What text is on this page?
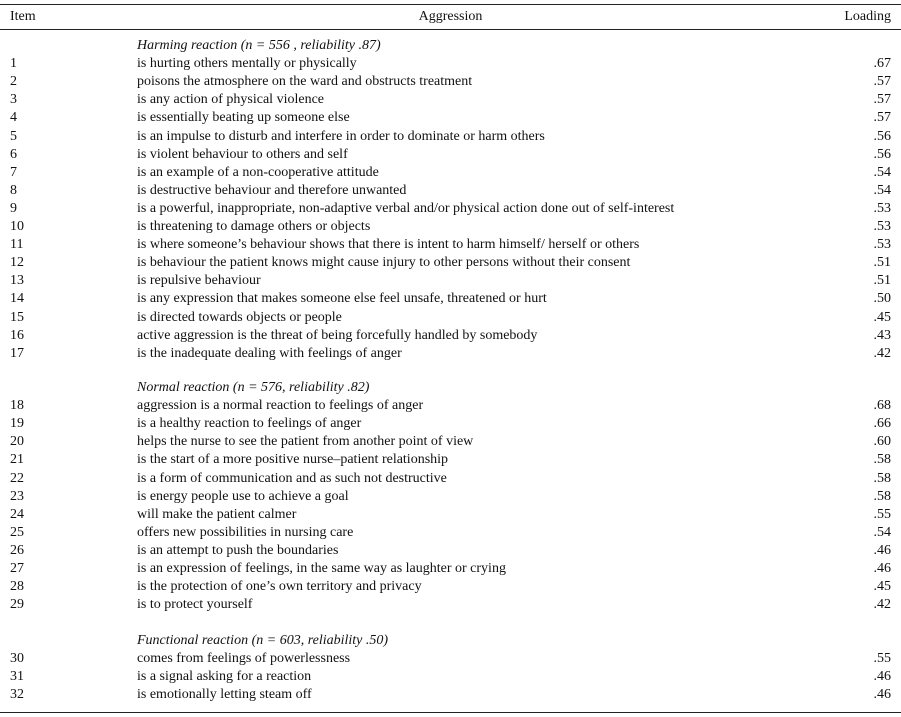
Item	Aggression	Loading
Harming reaction (n = 556 , reliability .87)
1	is hurting others mentally or physically	.67
2	poisons the atmosphere on the ward and obstructs treatment	.57
3	is any action of physical violence	.57
4	is essentially beating up someone else	.57
5	is an impulse to disturb and interfere in order to dominate or harm others	.56
6	is violent behaviour to others and self	.56
7	is an example of a non-cooperative attitude	.54
8	is destructive behaviour and therefore unwanted	.54
9	is a powerful, inappropriate, non-adaptive verbal and/or physical action done out of self-interest	.53
10	is threatening to damage others or objects	.53
11	is where someone’s behaviour shows that there is intent to harm himself/ herself or others	.53
12	is behaviour the patient knows might cause injury to other persons without their consent	.51
13	is repulsive behaviour	.51
14	is any expression that makes someone else feel unsafe, threatened or hurt	.50
15	is directed towards objects or people	.45
16	active aggression is the threat of being forcefully handled by somebody	.43
17	is the inadequate dealing with feelings of anger	.42
Normal reaction (n = 576, reliability .82)
18	aggression is a normal reaction to feelings of anger	.68
19	is a healthy reaction to feelings of anger	.66
20	helps the nurse to see the patient from another point of view	.60
21	is the start of a more positive nurse–patient relationship	.58
22	is a form of communication and as such not destructive	.58
23	is energy people use to achieve a goal	.58
24	will make the patient calmer	.55
25	offers new possibilities in nursing care	.54
26	is an attempt to push the boundaries	.46
27	is an expression of feelings, in the same way as laughter or crying	.46
28	is the protection of one’s own territory and privacy	.45
29	is to protect yourself	.42
Functional reaction (n = 603, reliability .50)
30	comes from feelings of powerlessness	.55
31	is a signal asking for a reaction	.46
32	is emotionally letting steam off	.46
